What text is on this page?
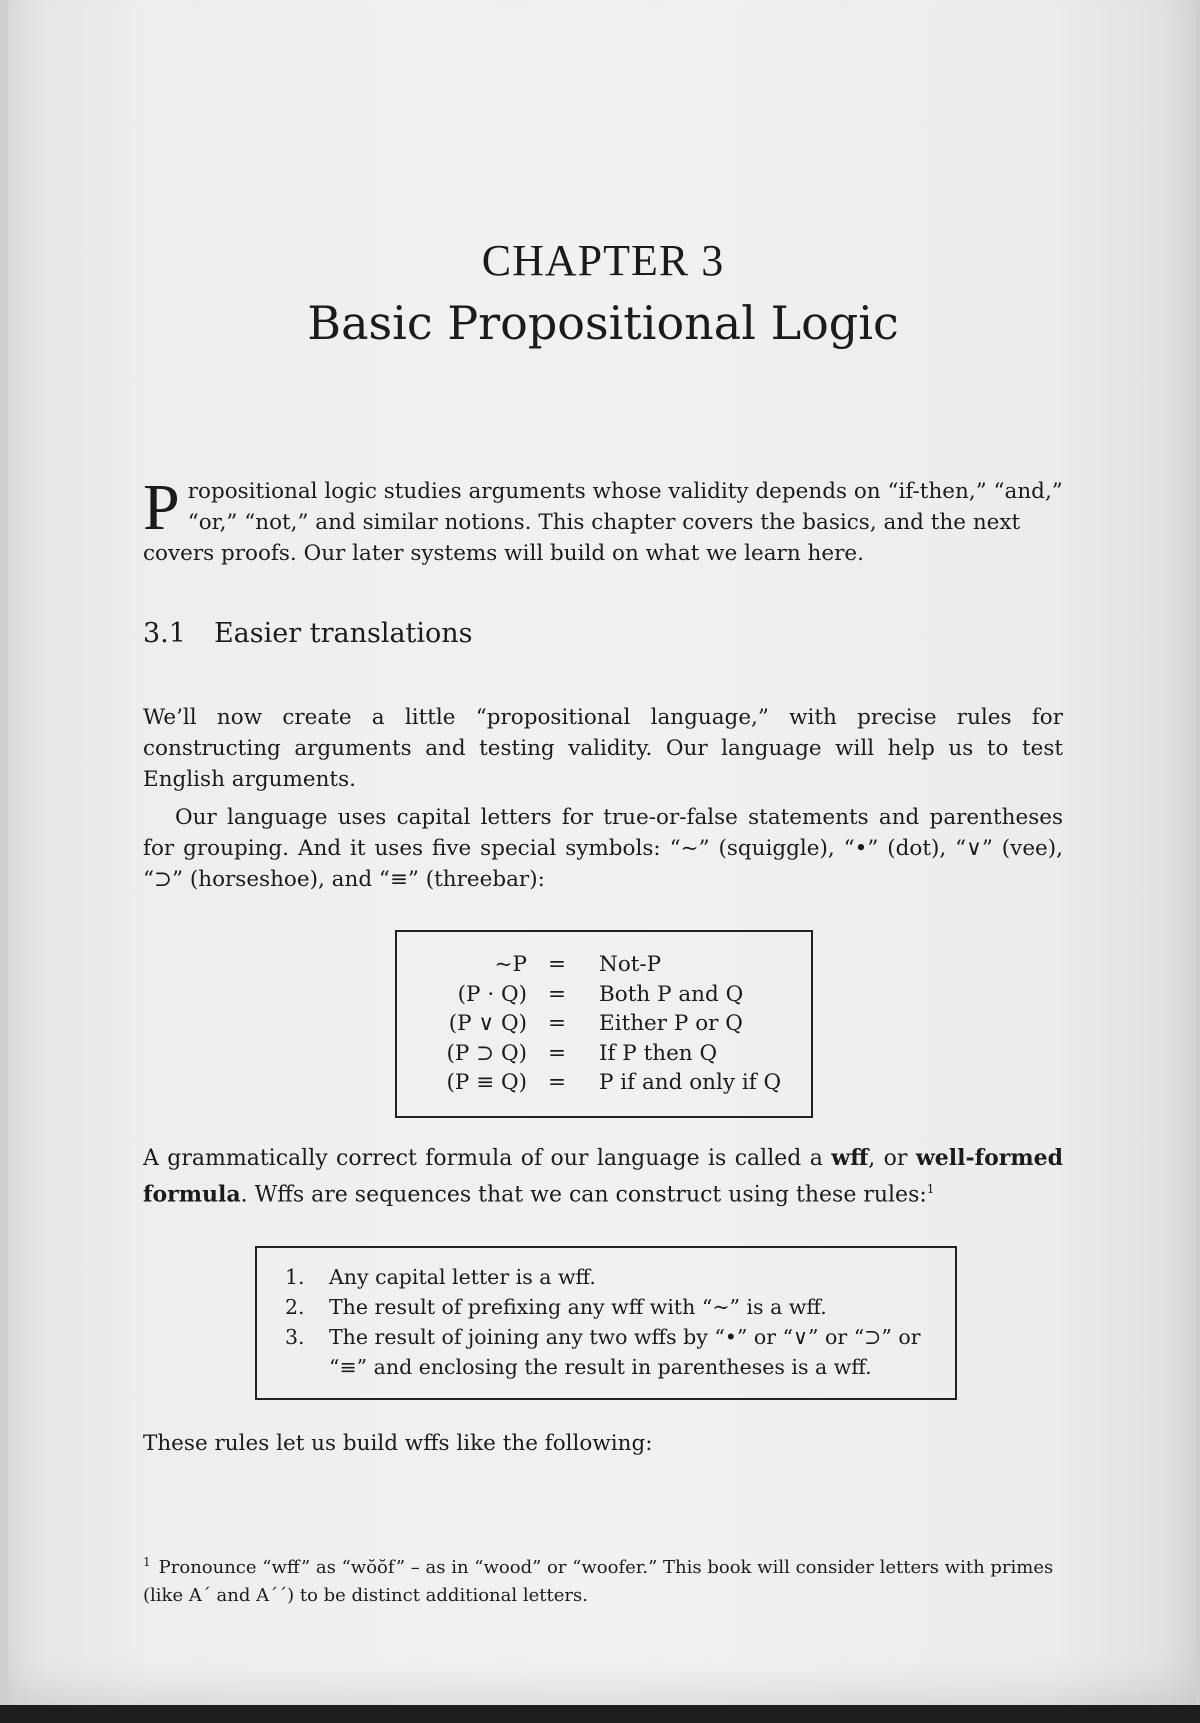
CHAPTER 3
Basic Propositional Logic
Propositional logic studies arguments whose validity depends on “if-then,” “and,” “or,” “not,” and similar notions. This chapter covers the basics, and the next covers proofs. Our later systems will build on what we learn here.
3.1 Easier translations
We’ll now create a little “propositional language,” with precise rules for constructing arguments and testing validity. Our language will help us to test English arguments.
Our language uses capital letters for true-or-false statements and parentheses for grouping. And it uses five special symbols: “~” (squiggle), “•” (dot), “∨” (vee), “⊃” (horseshoe), and “≡” (threebar):
~P	=	Not-P
(P · Q)	=	Both P and Q
(P ∨ Q)	=	Either P or Q
(P ⊃ Q)	=	If P then Q
(P ≡ Q)	=	P if and only if Q
A grammatically correct formula of our language is called a wff, or well-formed formula. Wffs are sequences that we can construct using these rules:$^1$
1.	Any capital letter is a wff.
2.	The result of prefixing any wff with “~” is a wff.
3.	The result of joining any two wffs by “•” or “∨” or “⊃” or “≡” and enclosing the result in parentheses is a wff.
These rules let us build wffs like the following:
$^1$ Pronounce “wff” as “wŏŏf” – as in “wood” or “woofer.” This book will consider letters with primes (like A´ and A´´) to be distinct additional letters.
